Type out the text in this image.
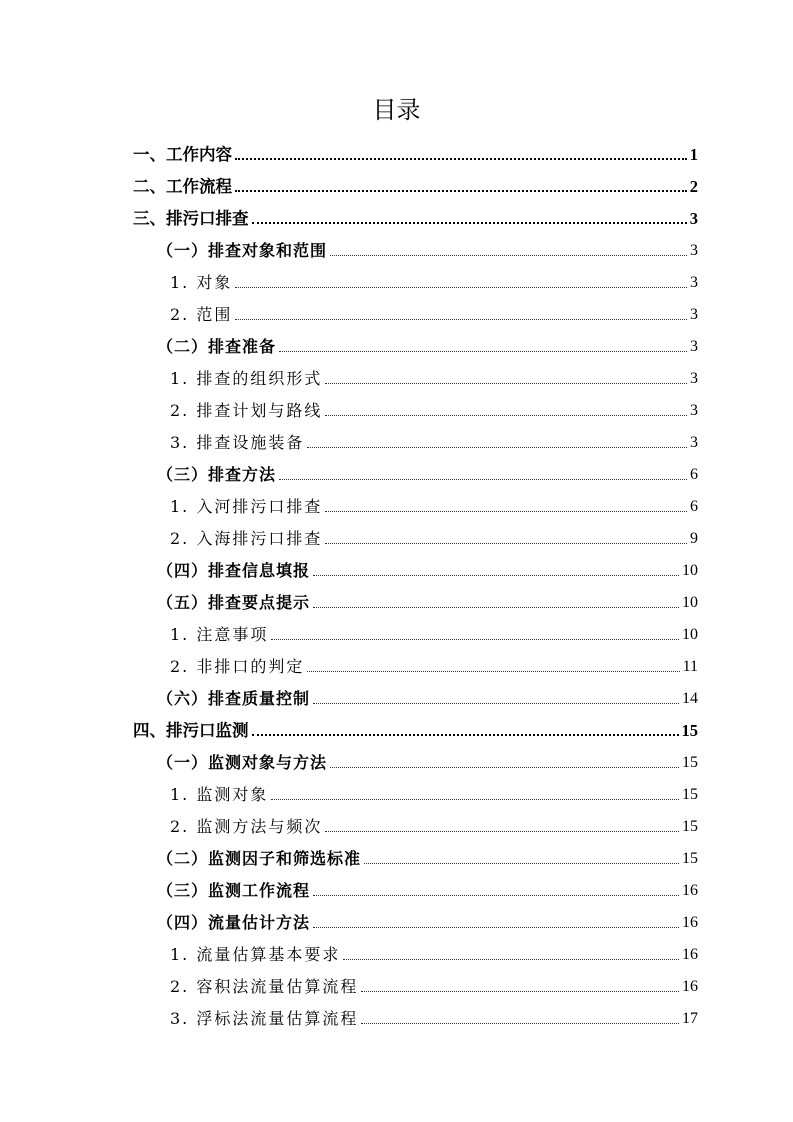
目录
一、工作内容	1
二、工作流程	2
三、排污口排查	3
（一）排查对象和范围	3
1. 对象	3
2. 范围	3
（二）排查准备	3
1. 排查的组织形式	3
2. 排查计划与路线	3
3. 排查设施装备	3
（三）排查方法	6
1. 入河排污口排查	6
2. 入海排污口排查	9
（四）排查信息填报	10
（五）排查要点提示	10
1. 注意事项	10
2. 非排口的判定	11
（六）排查质量控制	14
四、排污口监测	15
（一）监测对象与方法	15
1. 监测对象	15
2. 监测方法与频次	15
（二）监测因子和筛选标准	15
（三）监测工作流程	16
（四）流量估计方法	16
1. 流量估算基本要求	16
2. 容积法流量估算流程	16
3. 浮标法流量估算流程	17
